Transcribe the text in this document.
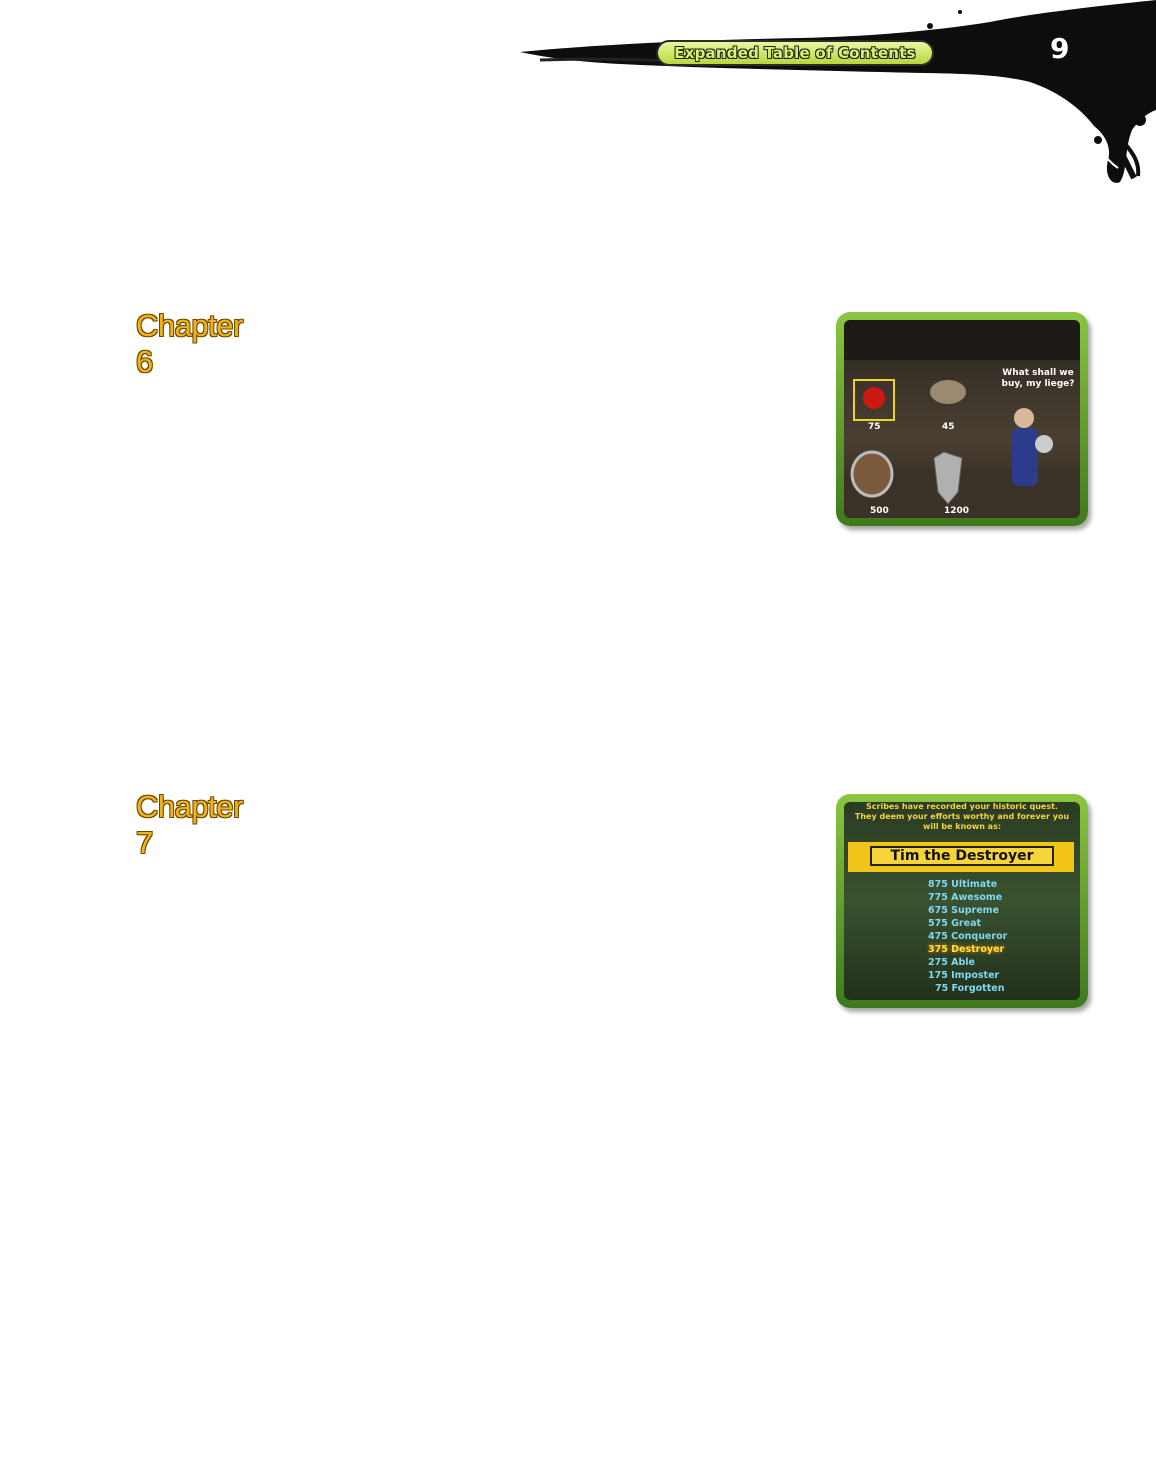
Expanded Table of Contents	9
Chapter 6
Chapter 7
What shall we buy, my liege?
75	45
500	1200
Scribes have recorded your historic quest. They deem your efforts worthy and forever you will be known as:
Tim the Destroyer
875 Ultimate
775 Awesome
675 Supreme
575 Great
475 Conqueror
375 Destroyer
275 Able
175 Imposter
75 Forgotten
